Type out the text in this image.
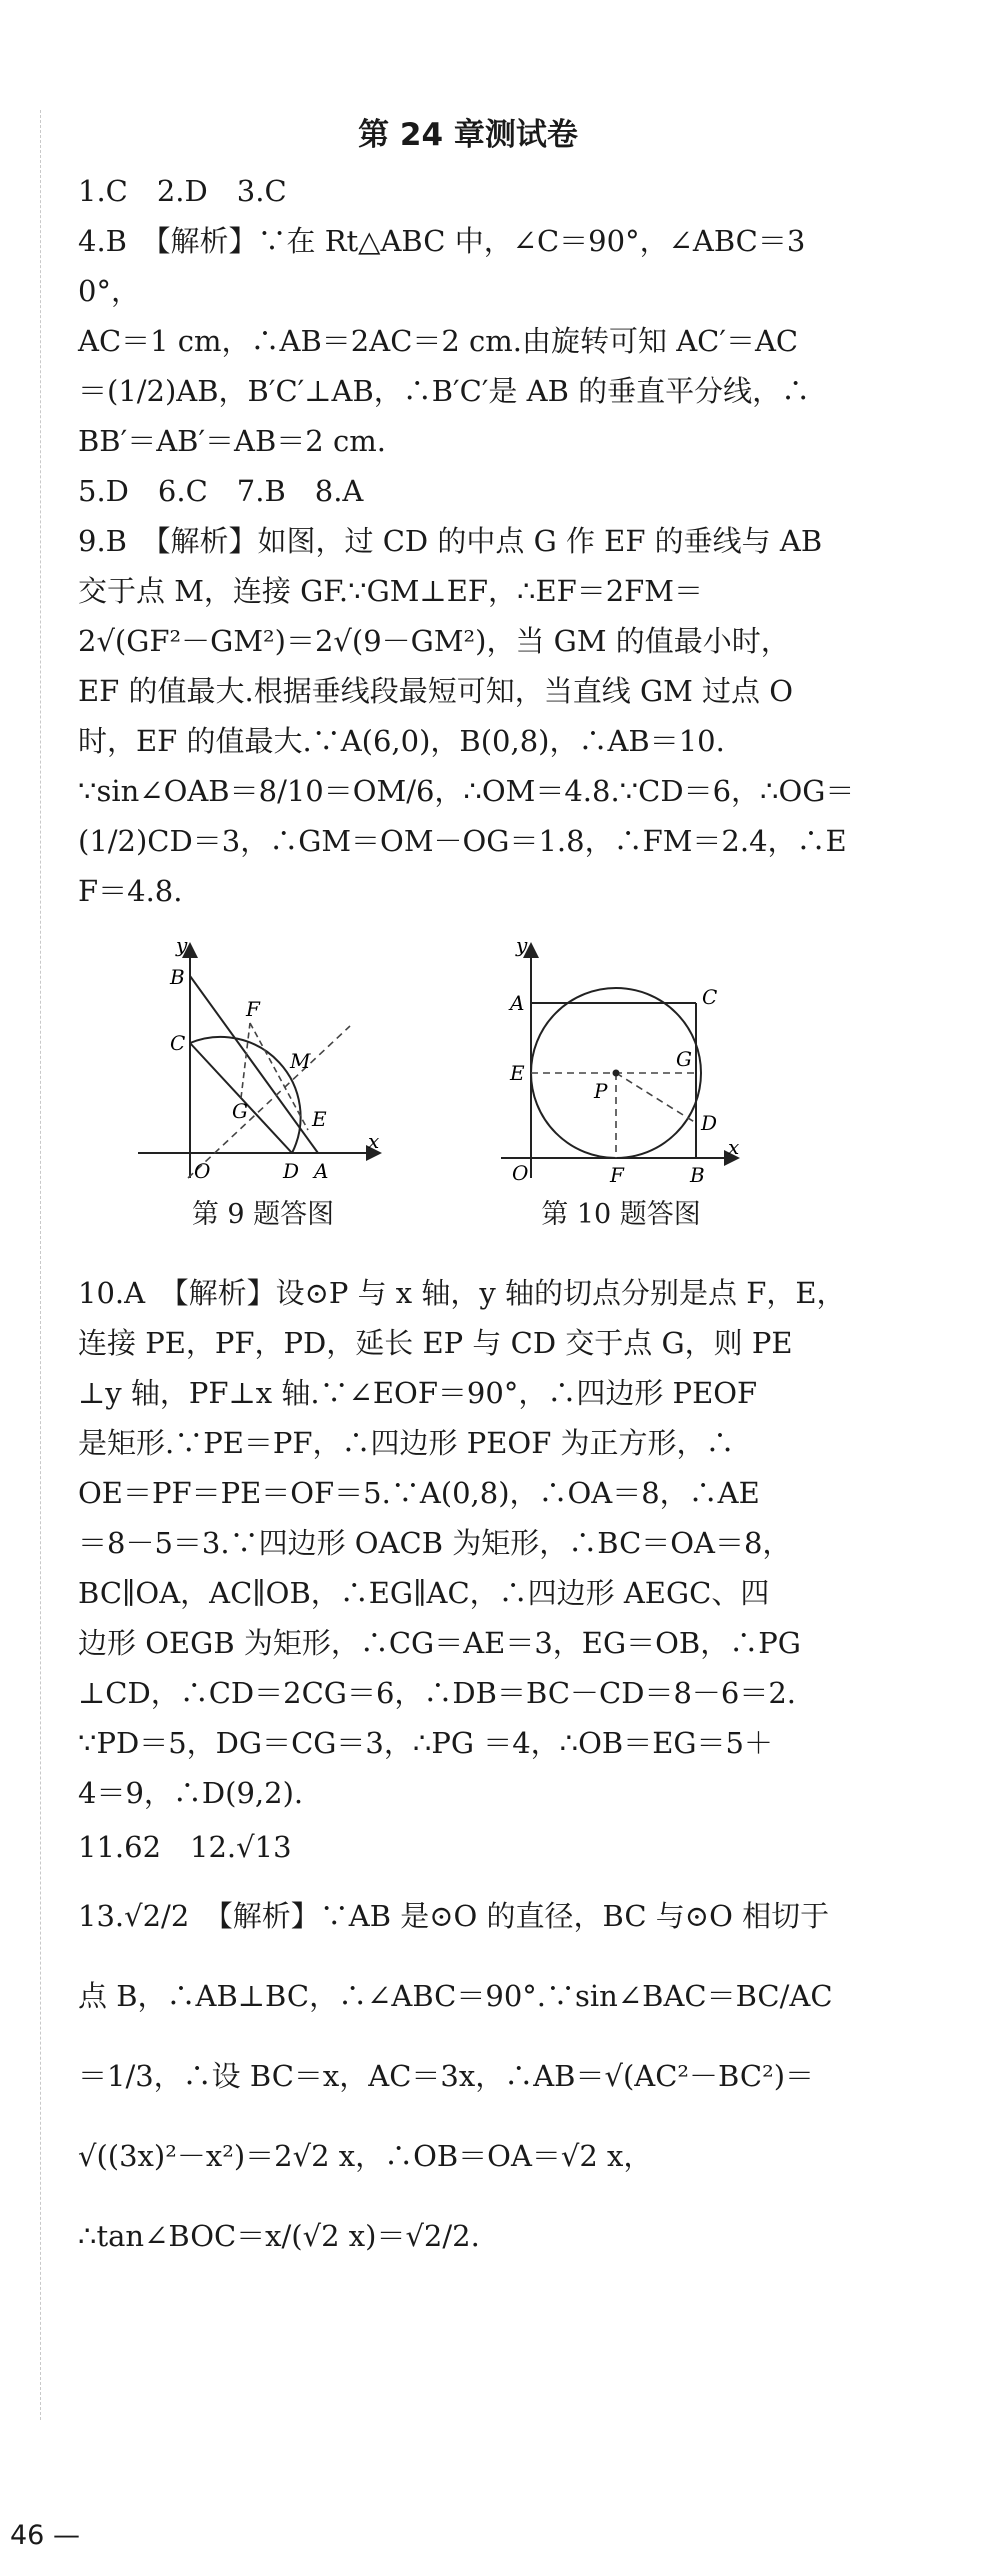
第 24 章测试卷

1.C　2.D　3.C

4.B　【解析】∵在 Rt△ABC 中，∠C＝90°，∠ABC＝30°，

AC＝1 cm，∴AB＝2AC＝2 cm.由旋转可知 AC′＝AC

＝(1/2)AB，B′C′⊥AB，∴B′C′是 AB 的垂直平分线，∴

BB′＝AB′＝AB＝2 cm.

5.D　6.C　7.B　8.A

9.B　【解析】如图，过 CD 的中点 G 作 EF 的垂线与 AB

交于点 M，连接 GF.∵GM⊥EF，∴EF＝2FM＝

2√(GF²－GM²)＝2√(9－GM²)，当 GM 的值最小时，

EF 的值最大.根据垂线段最短可知，当直线 GM 过点 O

时，EF 的值最大.∵A(6,0)，B(0,8)，∴AB＝10.

∵sin∠OAB＝8/10＝OM/6，∴OM＝4.8.∵CD＝6，∴OG＝

(1/2)CD＝3，∴GM＝OM－OG＝1.8，∴FM＝2.4，∴EF＝4.8.

y
x
B
F
C
M
G	E
O	D A
第 9 题答图
y
x
A	C
E
G
P
D
O	F	B
第 10 题答图

10.A　【解析】设⊙P 与 x 轴，y 轴的切点分别是点 F，E，

连接 PE，PF，PD，延长 EP 与 CD 交于点 G，则 PE

⊥y 轴，PF⊥x 轴.∵∠EOF＝90°，∴四边形 PEOF

是矩形.∵PE＝PF，∴四边形 PEOF 为正方形，∴

OE＝PF＝PE＝OF＝5.∵A(0,8)，∴OA＝8，∴AE

＝8－5＝3.∵四边形 OACB 为矩形，∴BC＝OA＝8，

BC∥OA，AC∥OB，∴EG∥AC，∴四边形 AEGC、四

边形 OEGB 为矩形，∴CG＝AE＝3，EG＝OB，∴PG

⊥CD，∴CD＝2CG＝6，∴DB＝BC－CD＝8－6＝2.

∵PD＝5，DG＝CG＝3，∴PG ＝4，∴OB＝EG＝5＋

4＝9，∴D(9,2).

11.62　12.√13

13.√2/2　【解析】∵AB 是⊙O 的直径，BC 与⊙O 相切于

点 B，∴AB⊥BC，∴∠ABC＝90°.∵sin∠BAC＝BC/AC

＝1/3，∴设 BC＝x，AC＝3x，∴AB＝√(AC²－BC²)＝

√((3x)²－x²)＝2√2 x，∴OB＝OA＝√2 x，

∴tan∠BOC＝x/(√2 x)＝√2/2.

46 —
